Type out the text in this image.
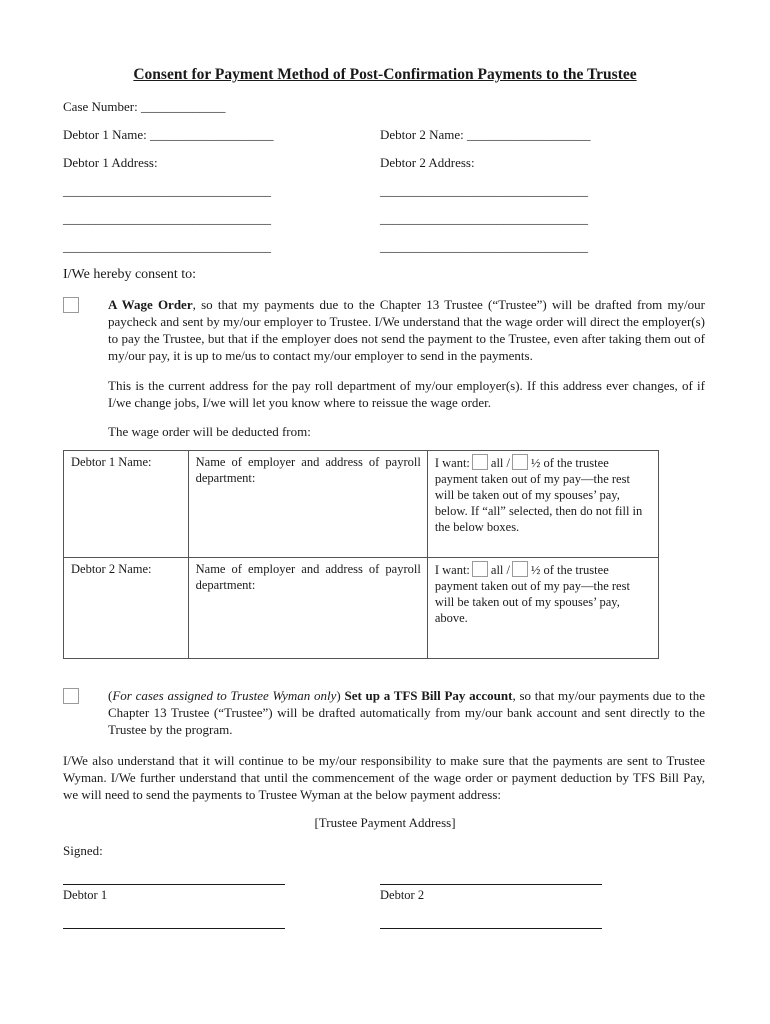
Consent for Payment Method of Post-Confirmation Payments to the Trustee
Case Number: _____________
Debtor 1 Name: ___________________	Debtor 2 Name: ___________________
Debtor 1 Address:	Debtor 2 Address:
________________________________
________________________________
________________________________
________________________________
________________________________
________________________________
I/We hereby consent to:
A Wage Order, so that my payments due to the Chapter 13 Trustee (“Trustee”) will be drafted from my/our paycheck and sent by my/our employer to Trustee. I/We understand that the wage order will direct the employer(s) to pay the Trustee, but that if the employer does not send the payment to the Trustee, even after taking them out of my/our pay, it is up to me/us to contact my/our employer to send in the payments.
This is the current address for the pay roll department of my/our employer(s). If this address ever changes, of if I/we change jobs, I/we will let you know where to reissue the wage order.
The wage order will be deducted from:
Debtor 1 Name:	Name of employer and address of payroll department:	I want: all / ½ of the trustee payment taken out of my pay—the rest will be taken out of my spouses’ pay, below. If “all” selected, then do not fill in the below boxes.
Debtor 2 Name:	Name of employer and address of payroll department:	I want: all / ½ of the trustee payment taken out of my pay—the rest will be taken out of my spouses’ pay, above.
(For cases assigned to Trustee Wyman only) Set up a TFS Bill Pay account, so that my/our payments due to the Chapter 13 Trustee (“Trustee”) will be drafted automatically from my/our bank account and sent directly to the Trustee by the program.
I/We also understand that it will continue to be my/our responsibility to make sure that the payments are sent to Trustee Wyman. I/We further understand that until the commencement of the wage order or payment deduction by TFS Bill Pay, we will need to send the payments to Trustee Wyman at the below payment address:
[Trustee Payment Address]
Signed:
Debtor 1	Debtor 2
